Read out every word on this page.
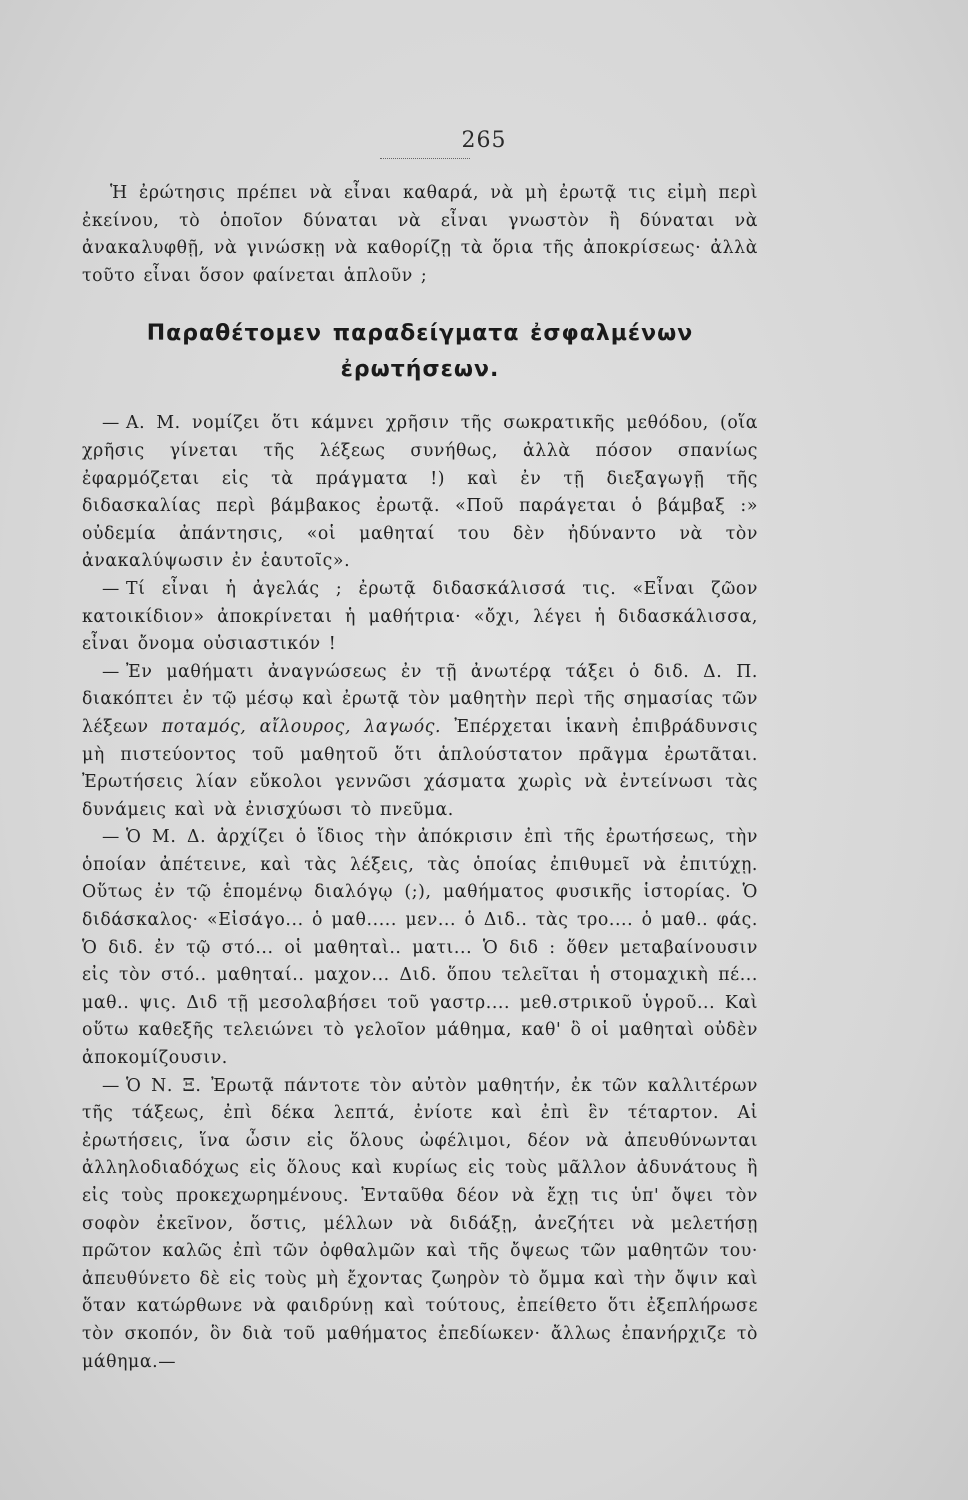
265

Ἡ ἐρώτησις πρέπει νὰ εἶναι καθαρά, νὰ μὴ ἐρωτᾷ τις εἰμὴ περὶ ἐκείνου, τὸ ὁποῖον δύναται νὰ εἶναι γνωστὸν ἢ δύναται νὰ ἀνακαλυφθῇ, νὰ γινώσκῃ νὰ καθορίζῃ τὰ ὅρια τῆς ἀποκρίσεως· ἀλλὰ τοῦτο εἶναι ὅσον φαίνεται ἁπλοῦν ;

Παραθέτομεν παραδείγματα ἐσφαλμένων
ἐρωτήσεων.

— Α. Μ. νομίζει ὅτι κάμνει χρῆσιν τῆς σωκρατικῆς μεθόδου, (οἵα χρῆσις γίνεται τῆς λέξεως συνήθως, ἀλλὰ πόσον σπανίως ἐφαρμόζεται εἰς τὰ πράγματα !) καὶ ἐν τῇ διεξαγωγῇ τῆς διδασκαλίας περὶ βάμβακος ἐρωτᾷ. «Ποῦ παράγεται ὁ βάμβαξ :» οὐδεμία ἀπάντησις, «οἱ μαθηταί του δὲν ἠδύναντο νὰ τὸν ἀνακαλύψωσιν ἐν ἑαυτοῖς».

— Τί εἶναι ἡ ἀγελάς ; ἐρωτᾷ διδασκάλισσά τις. «Εἶναι ζῶον κατοικίδιον» ἀποκρίνεται ἡ μαθήτρια· «ὄχι, λέγει ἡ διδασκάλισσα, εἶναι ὄνομα οὐσιαστικόν !

— Ἐν μαθήματι ἀναγνώσεως ἐν τῇ ἀνωτέρᾳ τάξει ὁ διδ. Δ. Π. διακόπτει ἐν τῷ μέσῳ καὶ ἐρωτᾷ τὸν μαθητὴν περὶ τῆς σημασίας τῶν λέξεων ποταμός, αἴλουρος, λαγωός. Ἐπέρχεται ἱκανὴ ἐπιβράδυνσις μὴ πιστεύοντος τοῦ μαθητοῦ ὅτι ἁπλούστατον πρᾶγμα ἐρωτᾶται. Ἐρωτήσεις λίαν εὔκολοι γεννῶσι χάσματα χωρὶς νὰ ἐντείνωσι τὰς δυνάμεις καὶ νὰ ἐνισχύωσι τὸ πνεῦμα.

— Ὁ Μ. Δ. ἀρχίζει ὁ ἴδιος τὴν ἀπόκρισιν ἐπὶ τῆς ἐρωτήσεως, τὴν ὁποίαν ἀπέτεινε, καὶ τὰς λέξεις, τὰς ὁποίας ἐπιθυμεῖ νὰ ἐπιτύχῃ. Οὕτως ἐν τῷ ἑπομένῳ διαλόγῳ (;), μαθήματος φυσικῆς ἱστορίας. Ὁ διδάσκαλος· «Εἰσάγο... ὁ μαθ..... μεν... ὁ Διδ.. τὰς τρο.... ὁ μαθ.. φάς. Ὁ διδ. ἐν τῷ στό... οἱ μαθηταὶ.. ματι... Ὁ διδ : ὅθεν μεταβαίνουσιν εἰς τὸν στό.. μαθηταί.. μαχον... Διδ. ὅπου τελεῖται ἡ στομαχικὴ πέ... μαθ.. ψις. Διδ τῇ μεσολαβήσει τοῦ γαστρ.... μεθ.στρικοῦ ὑγροῦ... Καὶ οὕτω καθεξῆς τελειώνει τὸ γελοῖον μάθημα, καθ' ὃ οἱ μαθηταὶ οὐδὲν ἀποκομίζουσιν.

— Ὁ Ν. Ξ. Ἐρωτᾷ πάντοτε τὸν αὐτὸν μαθητήν, ἐκ τῶν καλλιτέρων τῆς τάξεως, ἐπὶ δέκα λεπτά, ἐνίοτε καὶ ἐπὶ ἓν τέταρτον. Αἱ ἐρωτήσεις, ἵνα ὦσιν εἰς ὅλους ὠφέλιμοι, δέον νὰ ἀπευθύνωνται ἀλληλοδιαδόχως εἰς ὅλους καὶ κυρίως εἰς τοὺς μᾶλλον ἀδυνάτους ἢ εἰς τοὺς προκεχωρημένους. Ἐνταῦθα δέον νὰ ἔχῃ τις ὑπ' ὄψει τὸν σοφὸν ἐκεῖνον, ὅστις, μέλλων νὰ διδάξῃ, ἀνεζήτει νὰ μελετήσῃ πρῶτον καλῶς ἐπὶ τῶν ὀφθαλμῶν καὶ τῆς ὄψεως τῶν μαθητῶν του· ἀπευθύνετο δὲ εἰς τοὺς μὴ ἔχοντας ζωηρὸν τὸ ὄμμα καὶ τὴν ὄψιν καὶ ὅταν κατώρθωνε νὰ φαιδρύνῃ καὶ τούτους, ἐπείθετο ὅτι ἐξεπλήρωσε τὸν σκοπόν, ὃν διὰ τοῦ μαθήματος ἐπεδίωκεν· ἄλλως ἐπανήρχιζε τὸ μάθημα.—
